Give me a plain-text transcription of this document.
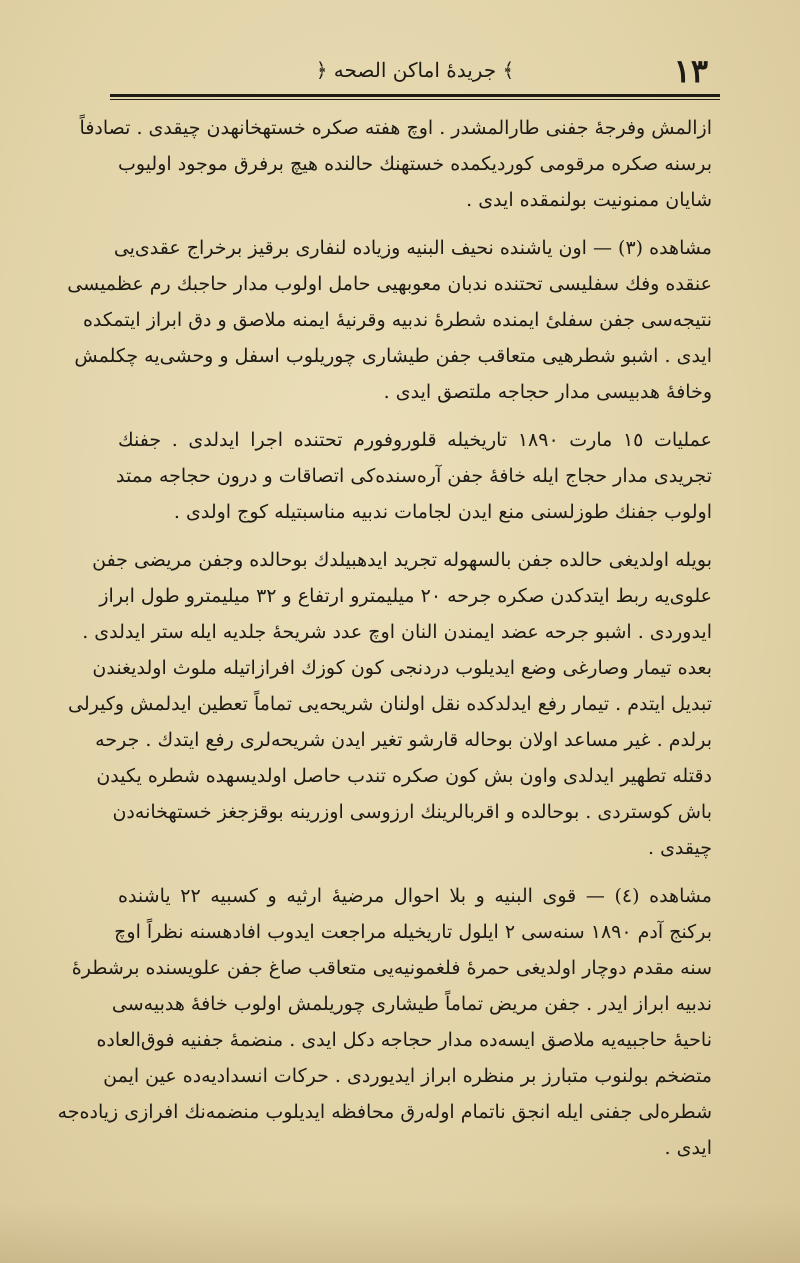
١٣
﴾ جريدهٔ اماكن الصحه ﴿
ازالمش وفرجهٔ جفنی طارالمشدر . اوچ هفته صکره خستهخانهدن چیقدی . تصادفاً
برسنه صکره مرقومی کوردیکمده خستهنك حالنده هیچ برفرق موجود اولیوب
شایان ممنونیت بولنمقده ایدی .
مشاهده (٣) — اون یاشنده نحیف البنیه وزیاده لنفاری برقیز برخراج عقدی‌یی
عنقده وفك سفلیسی تحتنده ندبان معوبهیی حامل اولوب مدار حاجبك رم عظمیسی
نتیجه‌سی جفن سفلیٔ ایمنده شطرهٔ ندبیه وقرنیهٔ ایمنه ملاصق و دق ابراز ایتمکده
ایدی . اشبو شطرهیی متعاقب جفن طیشاری چوریلوب اسفل و وحشی‌یه چکلمش
وخافهٔ هدبیسی مدار حجاجه ملتصق ایدی .
عملیات ١٥ مارت ١٨٩٠ تاریخیله قلوروفورم تحتنده اجرا ایدلدی . جفنك
تجریدی مدار حجاج ایله خافهٔ جفن آره‌سنده‌کی اتصاقات و درون حجاجه ممتد
اولوب جفنك طوزلسنی منع ایدن لجامات ندبیه مناسبتیله کوج اولدی .
بویله اولدیغی حالده جفن بالسهوله تجرید ایدهبیلدك بوحالده وجفن مریضی جفن
علوی‌یه ربط ایتدکدن صکره جرحه ٢٠ میلیمترو ارتفاع و ٣٢ میلیمترو طول ابراز
ایدوردی . اشبو جرحه عضد ایمندن النان اوچ عدد شریحهٔ جلدیه ایله ستر ایدلدی .
بعده تیمار وصارغی وضع ایدیلوب دردنجی کون کوزك افرازاتیله ملوث اولدیغندن
تبدیل ایتدم . تیمار رفع ایدلدکده نقل اولنان شریحه‌یی تماماً تعطین ایدلمش وکیرلی
برلدم . غیر مساعد اولان بوحاله قارشو تغیر ایدن شریحه‌لری رفع ایتدك . جرحه
دقتله تطهیر ایدلدی واون بش کون صکره تندب حاصل اولدیسهده شطره یکیدن
باش کوستردی . بوحالده و اقربالرینك ارزوسی اوزرینه بوقزجغز خستهخانه‌دن
چیقدی .
مشاهده (٤) — قوی البنیه و بلا احوال مرضیهٔ ارثیه و کسبیه ٢٢ یاشنده
برکنج آدم ١٨٩٠ سنه‌سی ٢ ایلول تاریخیله مراجعت ایدوب افادهسنه نظراً اوچ
سنه مقدم دوچار اولدیغی حمرهٔ فلغمونیه‌یی متعاقب صاغ جفن علویسنده برشطرهٔ
ندبیه ابراز ایدر . جفن مریض تماماً طیشاری چوریلمش اولوب خافهٔ هدبیه‌سی
ناحیهٔ حاجبیه‌یه ملاصق ایسه‌ده مدار حجاجه دکل ایدی . منضمهٔ جفنیه فوق‌العاده
متضخم بولنوب متبارز بر منظره ابراز ایدیوردی . حرکات انسدادیه‌ده عین ایمن
شطره‌لی جفنی ایله انجق ناتمام اوله‌رق محافظه ایدیلوب منضمه‌نك افرازی زیاده‌جه
ایدی .
